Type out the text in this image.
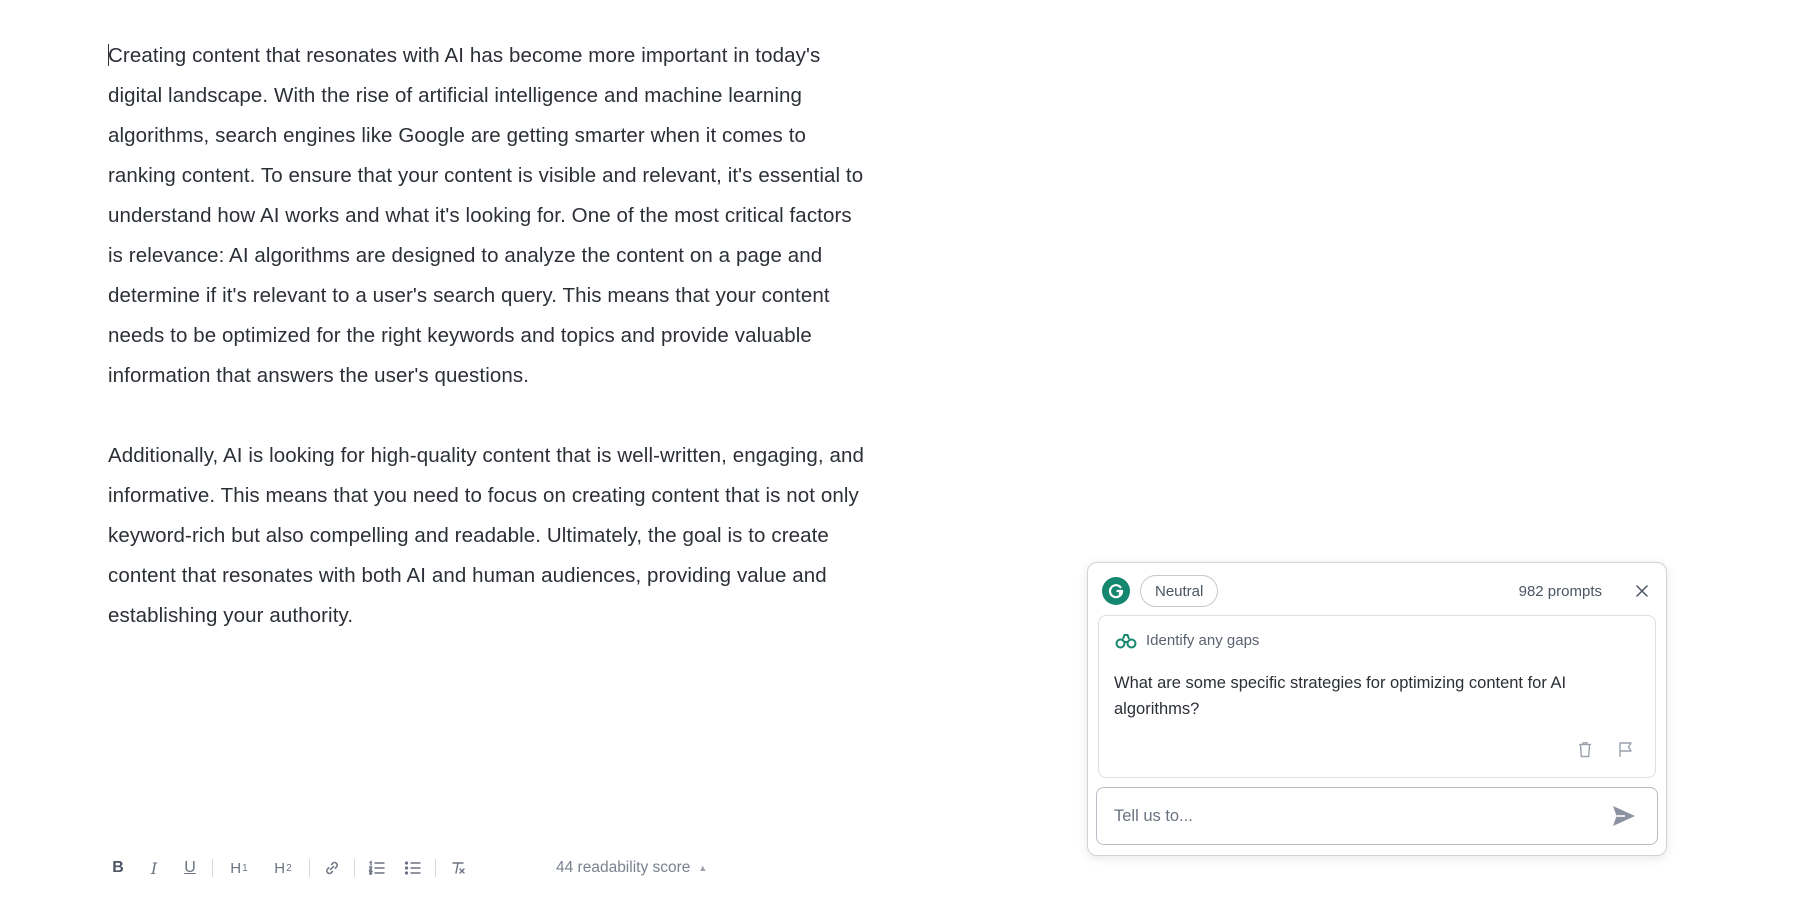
Creating content that resonates with AI has become more important in today's digital landscape. With the rise of artificial intelligence and machine learning algorithms, search engines like Google are getting smarter when it comes to ranking content. To ensure that your content is visible and relevant, it's essential to understand how AI works and what it's looking for. One of the most critical factors is relevance: AI algorithms are designed to analyze the content on a page and determine if it's relevant to a user's search query. This means that your content needs to be optimized for the right keywords and topics and provide valuable information that answers the user's questions.

Additionally, AI is looking for high-quality content that is well-written, engaging, and informative. This means that you need to focus on creating content that is not only keyword-rich but also compelling and readable. Ultimately, the goal is to create content that resonates with both AI and human audiences, providing value and establishing your authority.

B	I	U	H 1 H 2	44 readability score ▲
Neutral	982 prompts
Identify any gaps
What are some specific strategies for optimizing content for AI algorithms?
Tell us to...
